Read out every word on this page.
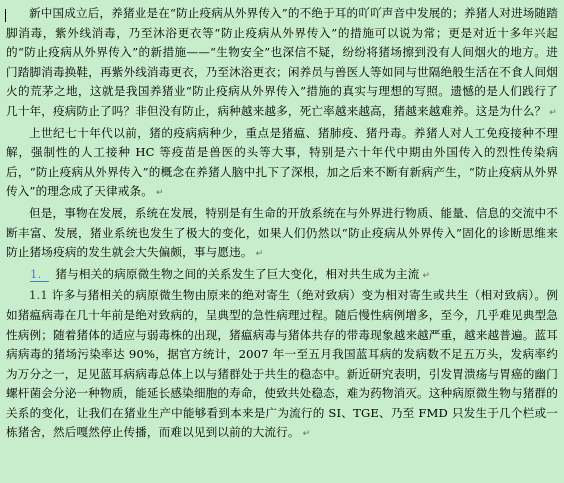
新中国成立后，养猪业是在“防止疫病从外界传入”的不绝于耳的吖吖声音中发展的；养猪人对进场随踏脚消毒，紫外线消毒，乃至沐浴更衣等“防止疫病从外界传入”的措施可以说为常；更是对近十多年兴起的“防止疫病从外界传入”的新措施——“生物安全”也深信不疑，纷纷将猪场擦到没有人间烟火的地方。进门踏脚消毒换鞋，再紫外线消毒更衣，乃至沐浴更衣；闲养员与兽医人等如同与世隔绝般生活在不食人间烟火的荒茅之地，这就是我国养猪业“防止疫病从外界传入”措施的真实与理想的写照。遗憾的是人们践行了几十年，疫病防止了吗？非但没有防止，病种越来越多，死亡率越来越高，猪越来越难养。这是为什么？ ↵

上世纪七十年代以前，猪的疫病病种少，重点是猪瘟、猪肺疫、猪丹毒。养猪人对人工免疫接种不理解，强制性的人工接种 HC 等疫苗是兽医的头等大事，特别是六十年代中期由外国传入的烈性传染病后，“防止疫病从外界传入”的概念在养猪人脑中扎下了深根，加之后来不断有新病产生，“防止疫病从外界传入”的理念成了天律戒条。 ↵

但是，事物在发展，系统在发展，特别是有生命的开放系统在与外界进行物质、能量、信息的交流中不断丰富、发展，猪业系统也发生了极大的变化，如果人们仍然以“防止疫病从外界传入”固化的诊断思维来防止猪场疫病的发生就会大失偏颇，事与愿违。 ↵

1. 猪与相关的病原微生物之间的关系发生了巨大变化，相对共生成为主流 ↵

1.1 许多与猪相关的病原微生物由原来的绝对寄生（绝对致病）变为相对寄生或共生（相对致病）。例如猪瘟病毒在几十年前是绝对致病的，呈典型的急性病理过程。随后慢性病例增多，至今，几乎难见典型急性病例；随着猪体的适应与弱毒株的出现，猪瘟病毒与猪体共存的带毒现象越来越严重，越来越普遍。蓝耳病病毒的猪场污染率达 90%，据官方统计，2007 年一至五月我国蓝耳病的发病数不足五万头，发病率约为万分之一，足见蓝耳病病毒总体上以与猪群处于共生的稳态中。新近研究表明，引发胃溃疡与胃癌的幽门螺杆菌会分泌一种物质，能延长感染细胞的寿命，使致共处稳态，难为药物消灭。这种病原微生物与猪群的关系的变化，让我们在猪业生产中能够看到本来是广为流行的 SI、TGE、乃至 FMD 只发生于几个栏或一栋猪舍，然后嘎然停止传播，而难以见到以前的大流行。 ↵
